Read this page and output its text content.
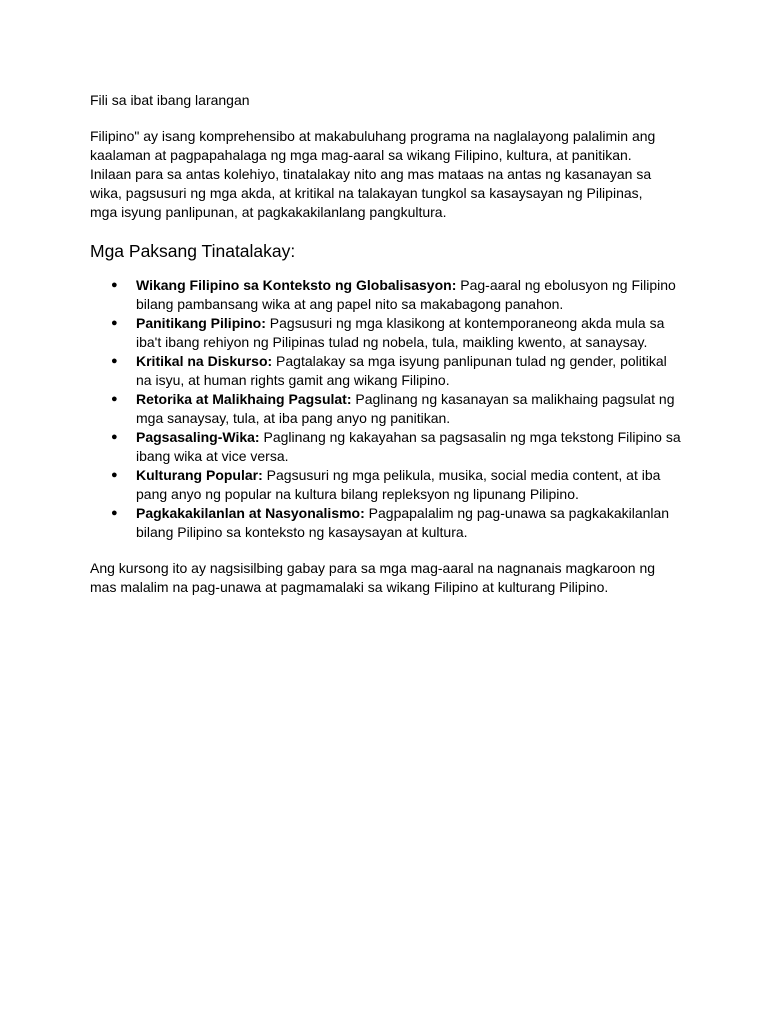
Fili sa ibat ibang larangan

Filipino" ay isang komprehensibo at makabuluhang programa na naglalayong palalimin ang kaalaman at pagpapahalaga ng mga mag-aaral sa wikang Filipino, kultura, at panitikan. Inilaan para sa antas kolehiyo, tinatalakay nito ang mas mataas na antas ng kasanayan sa wika, pagsusuri ng mga akda, at kritikal na talakayan tungkol sa kasaysayan ng Pilipinas, mga isyung panlipunan, at pagkakakilanlang pangkultura.

Mga Paksang Tinatalakay:
● Wikang Filipino sa Konteksto ng Globalisasyon: Pag-aaral ng ebolusyon ng Filipino bilang pambansang wika at ang papel nito sa makabagong panahon.
● Panitikang Pilipino: Pagsusuri ng mga klasikong at kontemporaneong akda mula sa iba't ibang rehiyon ng Pilipinas tulad ng nobela, tula, maikling kwento, at sanaysay.
● Kritikal na Diskurso: Pagtalakay sa mga isyung panlipunan tulad ng gender, politikal na isyu, at human rights gamit ang wikang Filipino.
● Retorika at Malikhaing Pagsulat: Paglinang ng kasanayan sa malikhaing pagsulat ng mga sanaysay, tula, at iba pang anyo ng panitikan.
● Pagsasaling-Wika: Paglinang ng kakayahan sa pagsasalin ng mga tekstong Filipino sa ibang wika at vice versa.
● Kulturang Popular: Pagsusuri ng mga pelikula, musika, social media content, at iba pang anyo ng popular na kultura bilang repleksyon ng lipunang Pilipino.
● Pagkakakilanlan at Nasyonalismo: Pagpapalalim ng pag-unawa sa pagkakakilanlan bilang Pilipino sa konteksto ng kasaysayan at kultura.

Ang kursong ito ay nagsisilbing gabay para sa mga mag-aaral na nagnanais magkaroon ng mas malalim na pag-unawa at pagmamalaki sa wikang Filipino at kulturang Pilipino.
